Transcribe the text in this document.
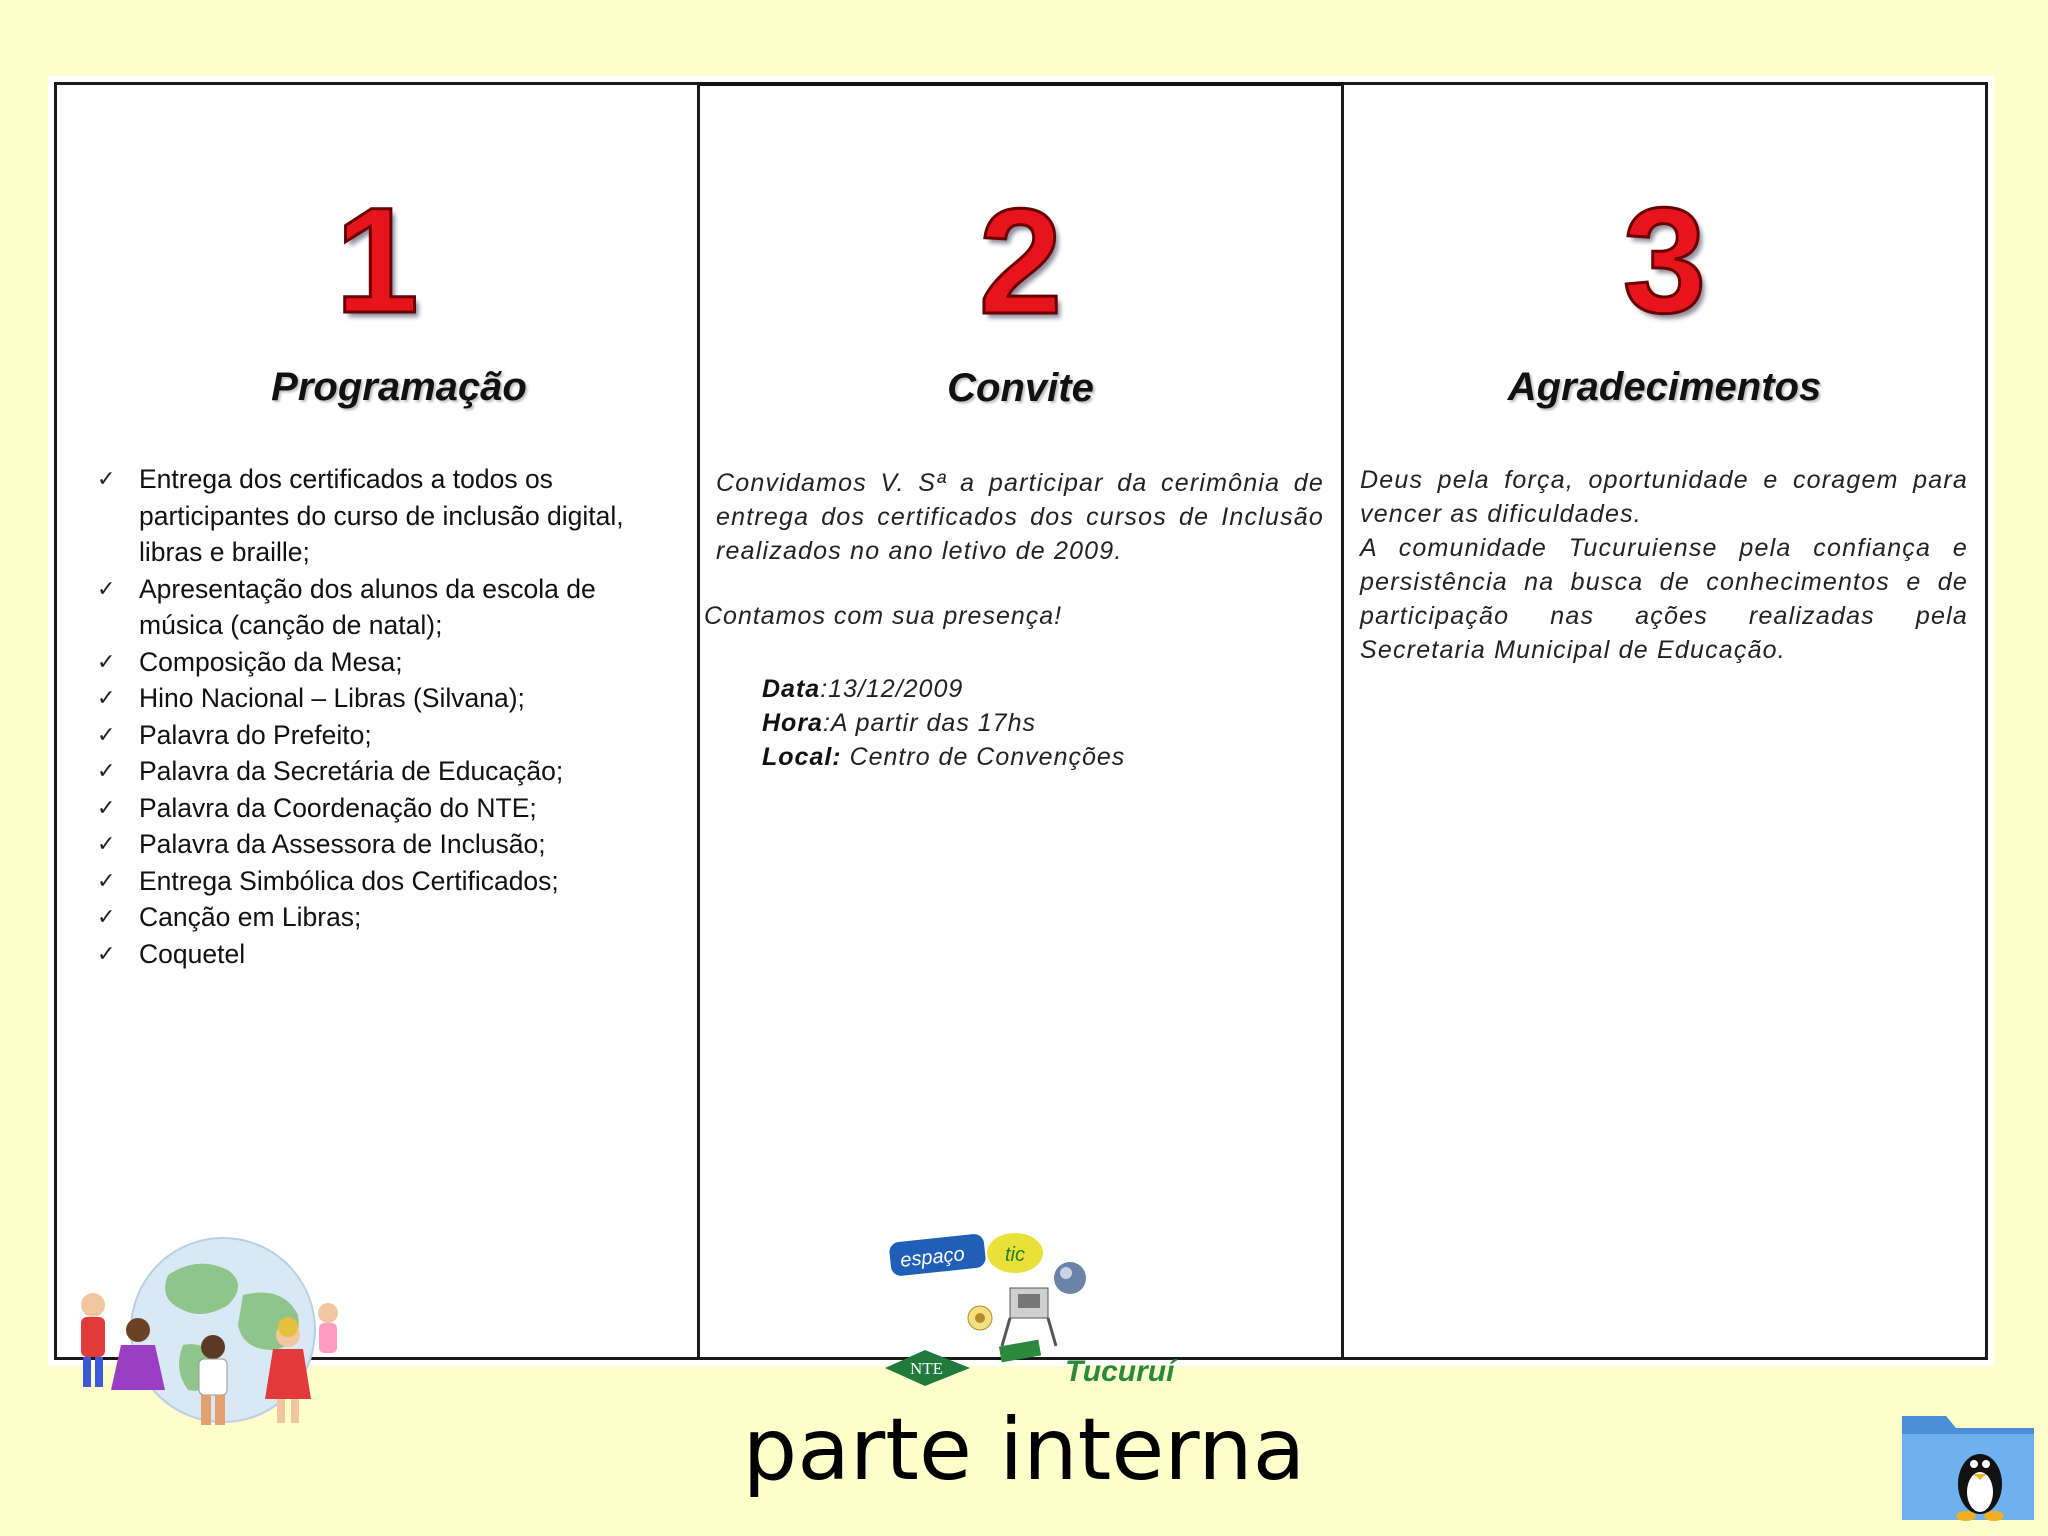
1
Programação
✓ Entrega dos certificados a todos os participantes do curso de inclusão digital, libras e braille;
✓ Apresentação dos alunos da escola de música (canção de natal);
✓ Composição da Mesa;
✓ Hino Nacional – Libras (Silvana);
✓ Palavra do Prefeito;
✓ Palavra da Secretária de Educação;
✓ Palavra da Coordenação do NTE;
✓ Palavra da Assessora de Inclusão;
✓ Entrega Simbólica dos Certificados;
✓ Canção em Libras;
✓ Coquetel
2
Convite
Convidamos V. Sª a participar da cerimônia de entrega dos certificados dos cursos de Inclusão realizados no ano letivo de 2009.
Contamos com sua presença!
Data:13/12/2009
Hora:A partir das 17hs
Local: Centro de Convenções
espaço tic
NTE	Tucuruí
3
Agradecimentos
Deus pela força, oportunidade e coragem para vencer as dificuldades.
A comunidade Tucuruiense pela confiança e persistência na busca de conhecimentos e de participação nas ações realizadas pela Secretaria Municipal de Educação.
parte interna
